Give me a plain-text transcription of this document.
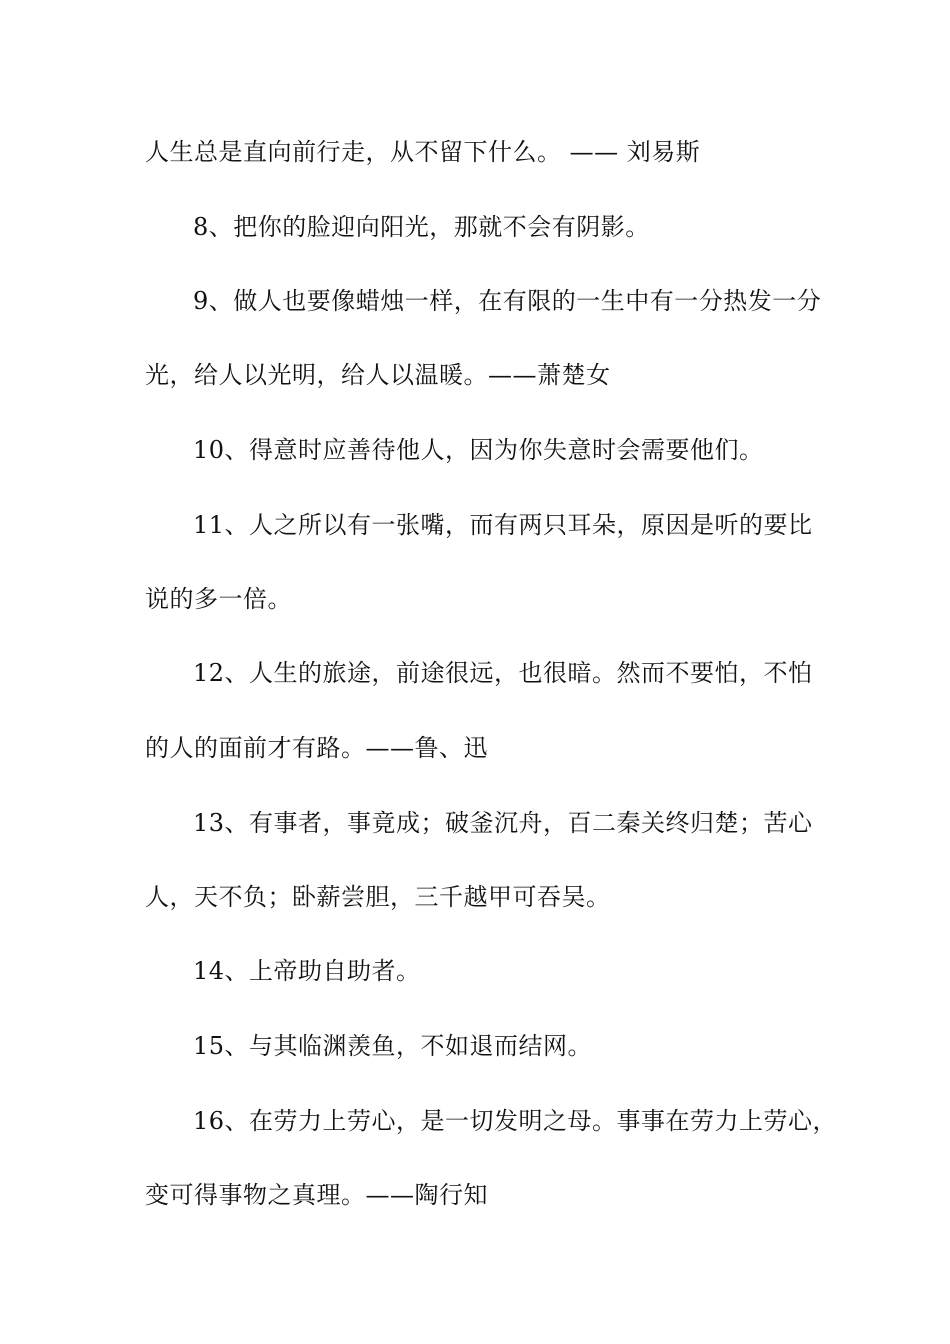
人生总是直向前行走，从不留下什么。 —— 刘易斯
8、把你的脸迎向阳光，那就不会有阴影。
9、做人也要像蜡烛一样，在有限的一生中有一分热发一分
光，给人以光明，给人以温暖。——萧楚女
10、得意时应善待他人，因为你失意时会需要他们。
11、人之所以有一张嘴，而有两只耳朵，原因是听的要比
说的多一倍。
12、人生的旅途，前途很远，也很暗。然而不要怕，不怕
的人的面前才有路。——鲁、迅
13、有事者，事竟成；破釜沉舟，百二秦关终归楚；苦心
人，天不负；卧薪尝胆，三千越甲可吞吴。
14、上帝助自助者。
15、与其临渊羡鱼，不如退而结网。
16、在劳力上劳心，是一切发明之母。事事在劳力上劳心，
变可得事物之真理。——陶行知
